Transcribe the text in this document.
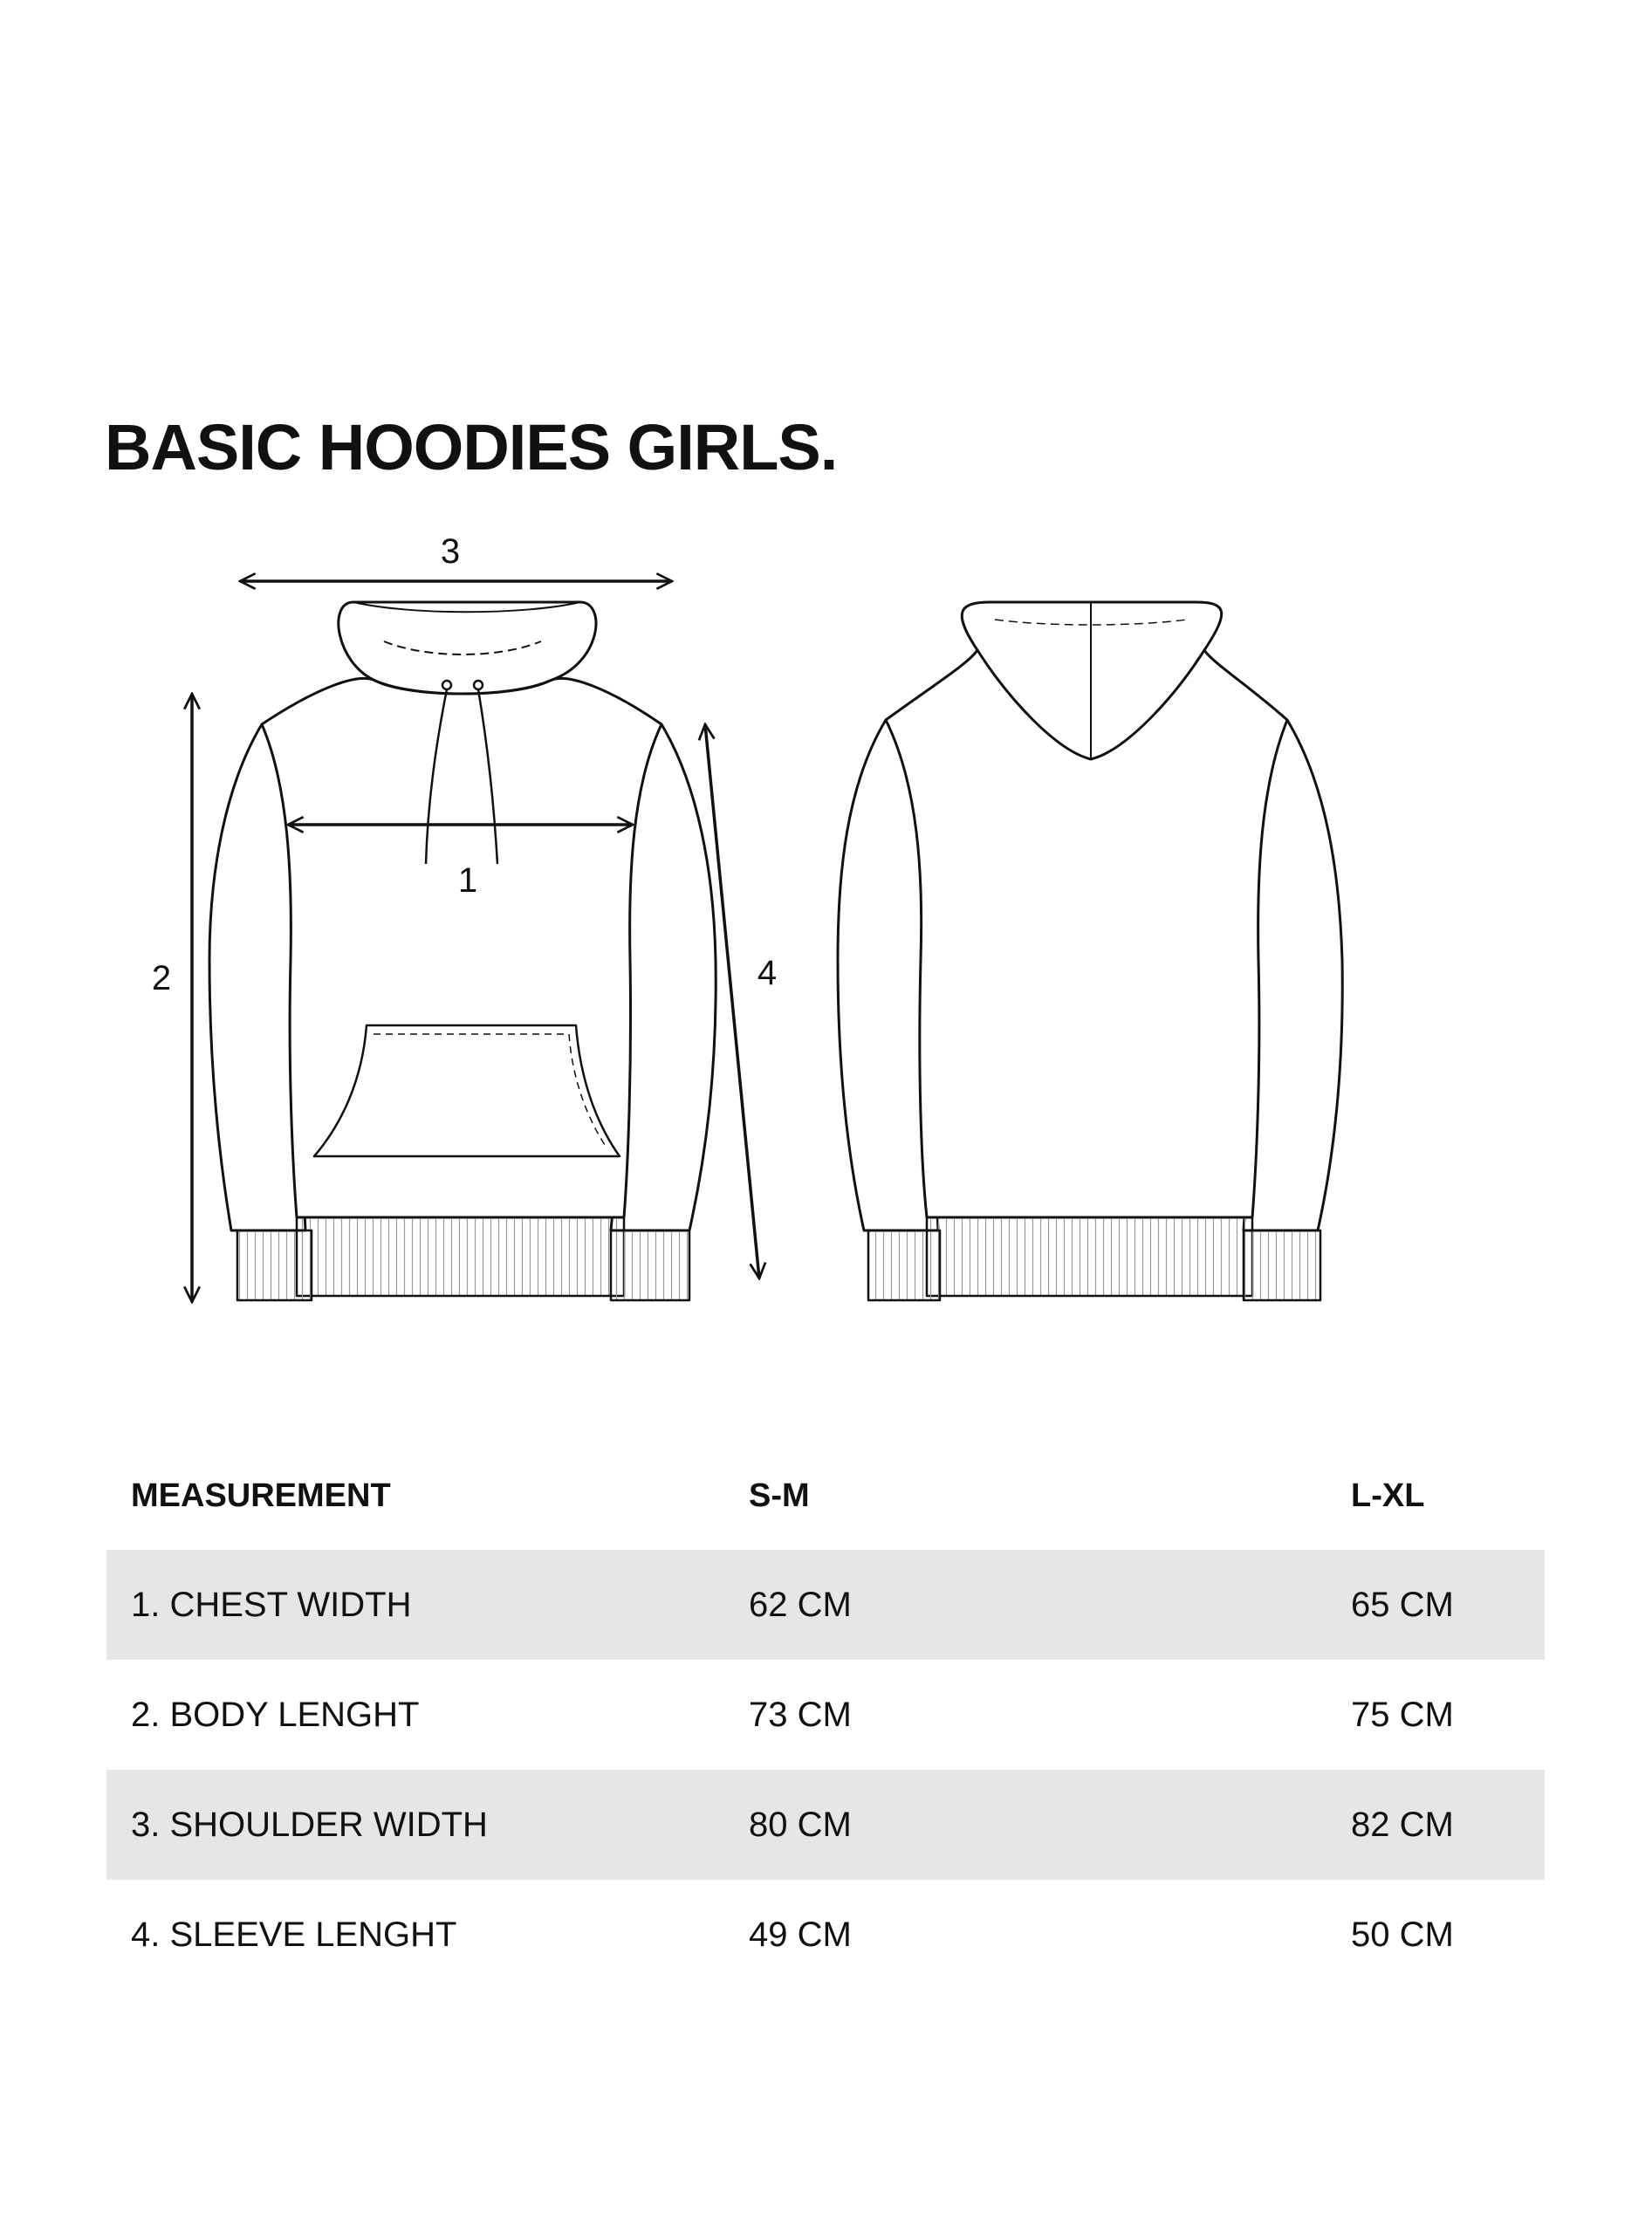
BASIC HOODIES GIRLS.
3
1
2	4
MEASUREMENT	S-M	L-XL
1. CHEST WIDTH	62 CM	65 CM
2. BODY LENGHT	73 CM	75 CM
3. SHOULDER WIDTH	80 CM	82 CM
4. SLEEVE LENGHT	49 CM	50 CM
